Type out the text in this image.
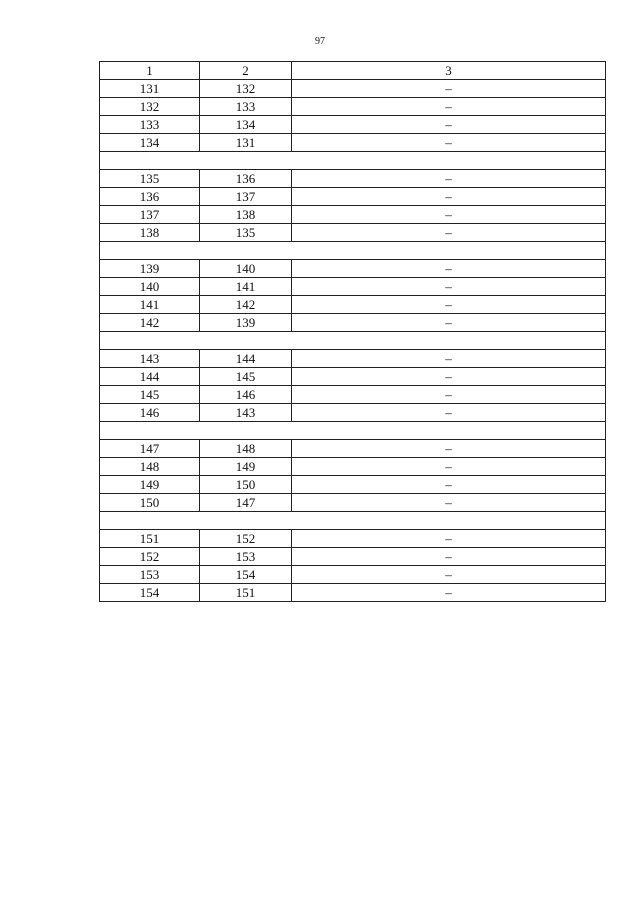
97
1	2	3
131	132	–
132	133	–
133	134	–
134	131	–

135	136	–
136	137	–
137	138	–
138	135	–

139	140	–
140	141	–
141	142	–
142	139	–

143	144	–
144	145	–
145	146	–
146	143	–

147	148	–
148	149	–
149	150	–
150	147	–

151	152	–
152	153	–
153	154	–
154	151	–
